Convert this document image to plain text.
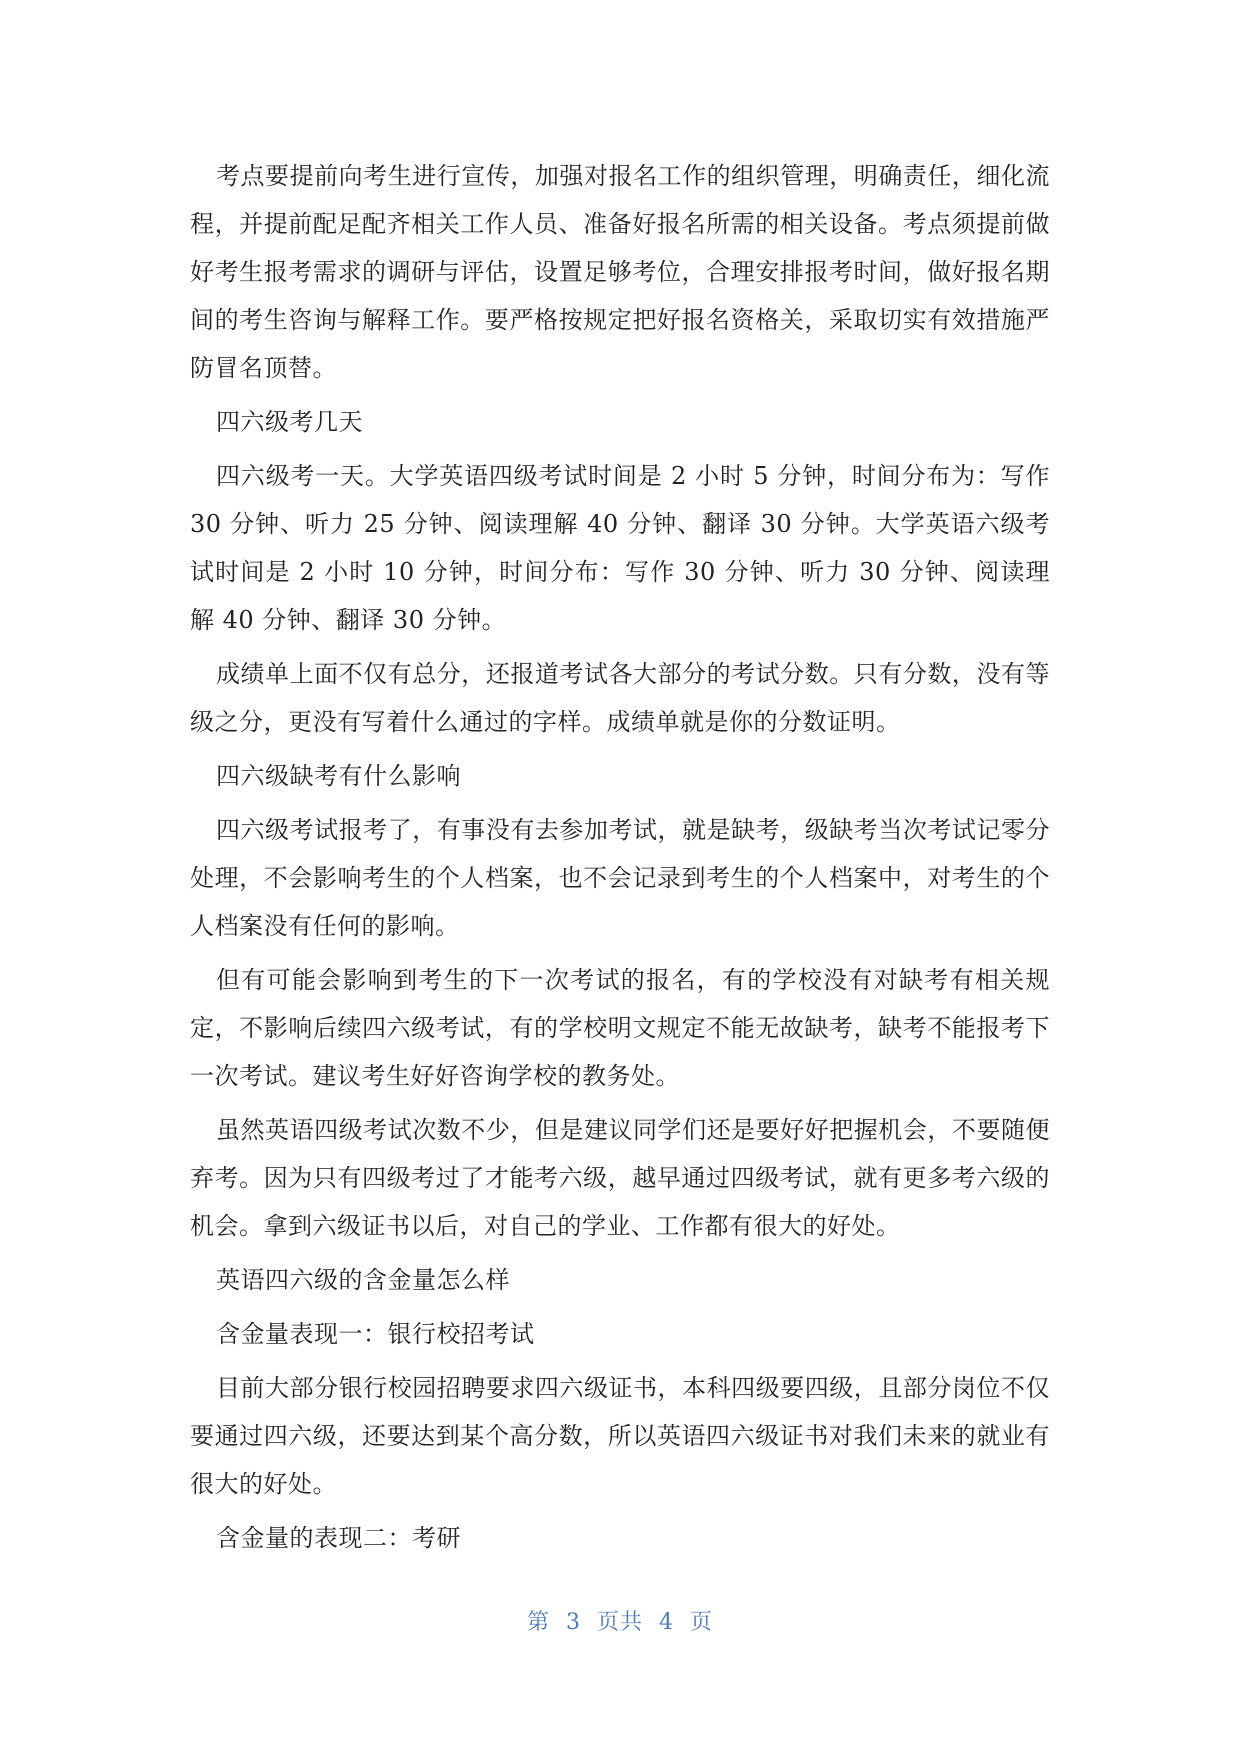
考点要提前向考生进行宣传，加强对报名工作的组织管理，明确责任，细化流程，并提前配足配齐相关工作人员、准备好报名所需的相关设备。考点须提前做好考生报考需求的调研与评估，设置足够考位，合理安排报考时间，做好报名期间的考生咨询与解释工作。要严格按规定把好报名资格关，采取切实有效措施严防冒名顶替。

四六级考几天

四六级考一天。大学英语四级考试时间是 2 小时 5 分钟，时间分布为：写作 30 分钟、听力 25 分钟、阅读理解 40 分钟、翻译 30 分钟。大学英语六级考试时间是 2 小时 10 分钟，时间分布：写作 30 分钟、听力 30 分钟、阅读理解 40 分钟、翻译 30 分钟。

成绩单上面不仅有总分，还报道考试各大部分的考试分数。只有分数，没有等级之分，更没有写着什么通过的字样。成绩单就是你的分数证明。

四六级缺考有什么影响

四六级考试报考了，有事没有去参加考试，就是缺考，级缺考当次考试记零分处理，不会影响考生的个人档案，也不会记录到考生的个人档案中，对考生的个人档案没有任何的影响。

但有可能会影响到考生的下一次考试的报名，有的学校没有对缺考有相关规定，不影响后续四六级考试，有的学校明文规定不能无故缺考，缺考不能报考下一次考试。建议考生好好咨询学校的教务处。

虽然英语四级考试次数不少，但是建议同学们还是要好好把握机会，不要随便弃考。因为只有四级考过了才能考六级，越早通过四级考试，就有更多考六级的机会。拿到六级证书以后，对自己的学业、工作都有很大的好处。

英语四六级的含金量怎么样

含金量表现一：银行校招考试

目前大部分银行校园招聘要求四六级证书，本科四级要四级，且部分岗位不仅要通过四六级，还要达到某个高分数，所以英语四六级证书对我们未来的就业有很大的好处。

含金量的表现二：考研

第 3 页共 4 页
